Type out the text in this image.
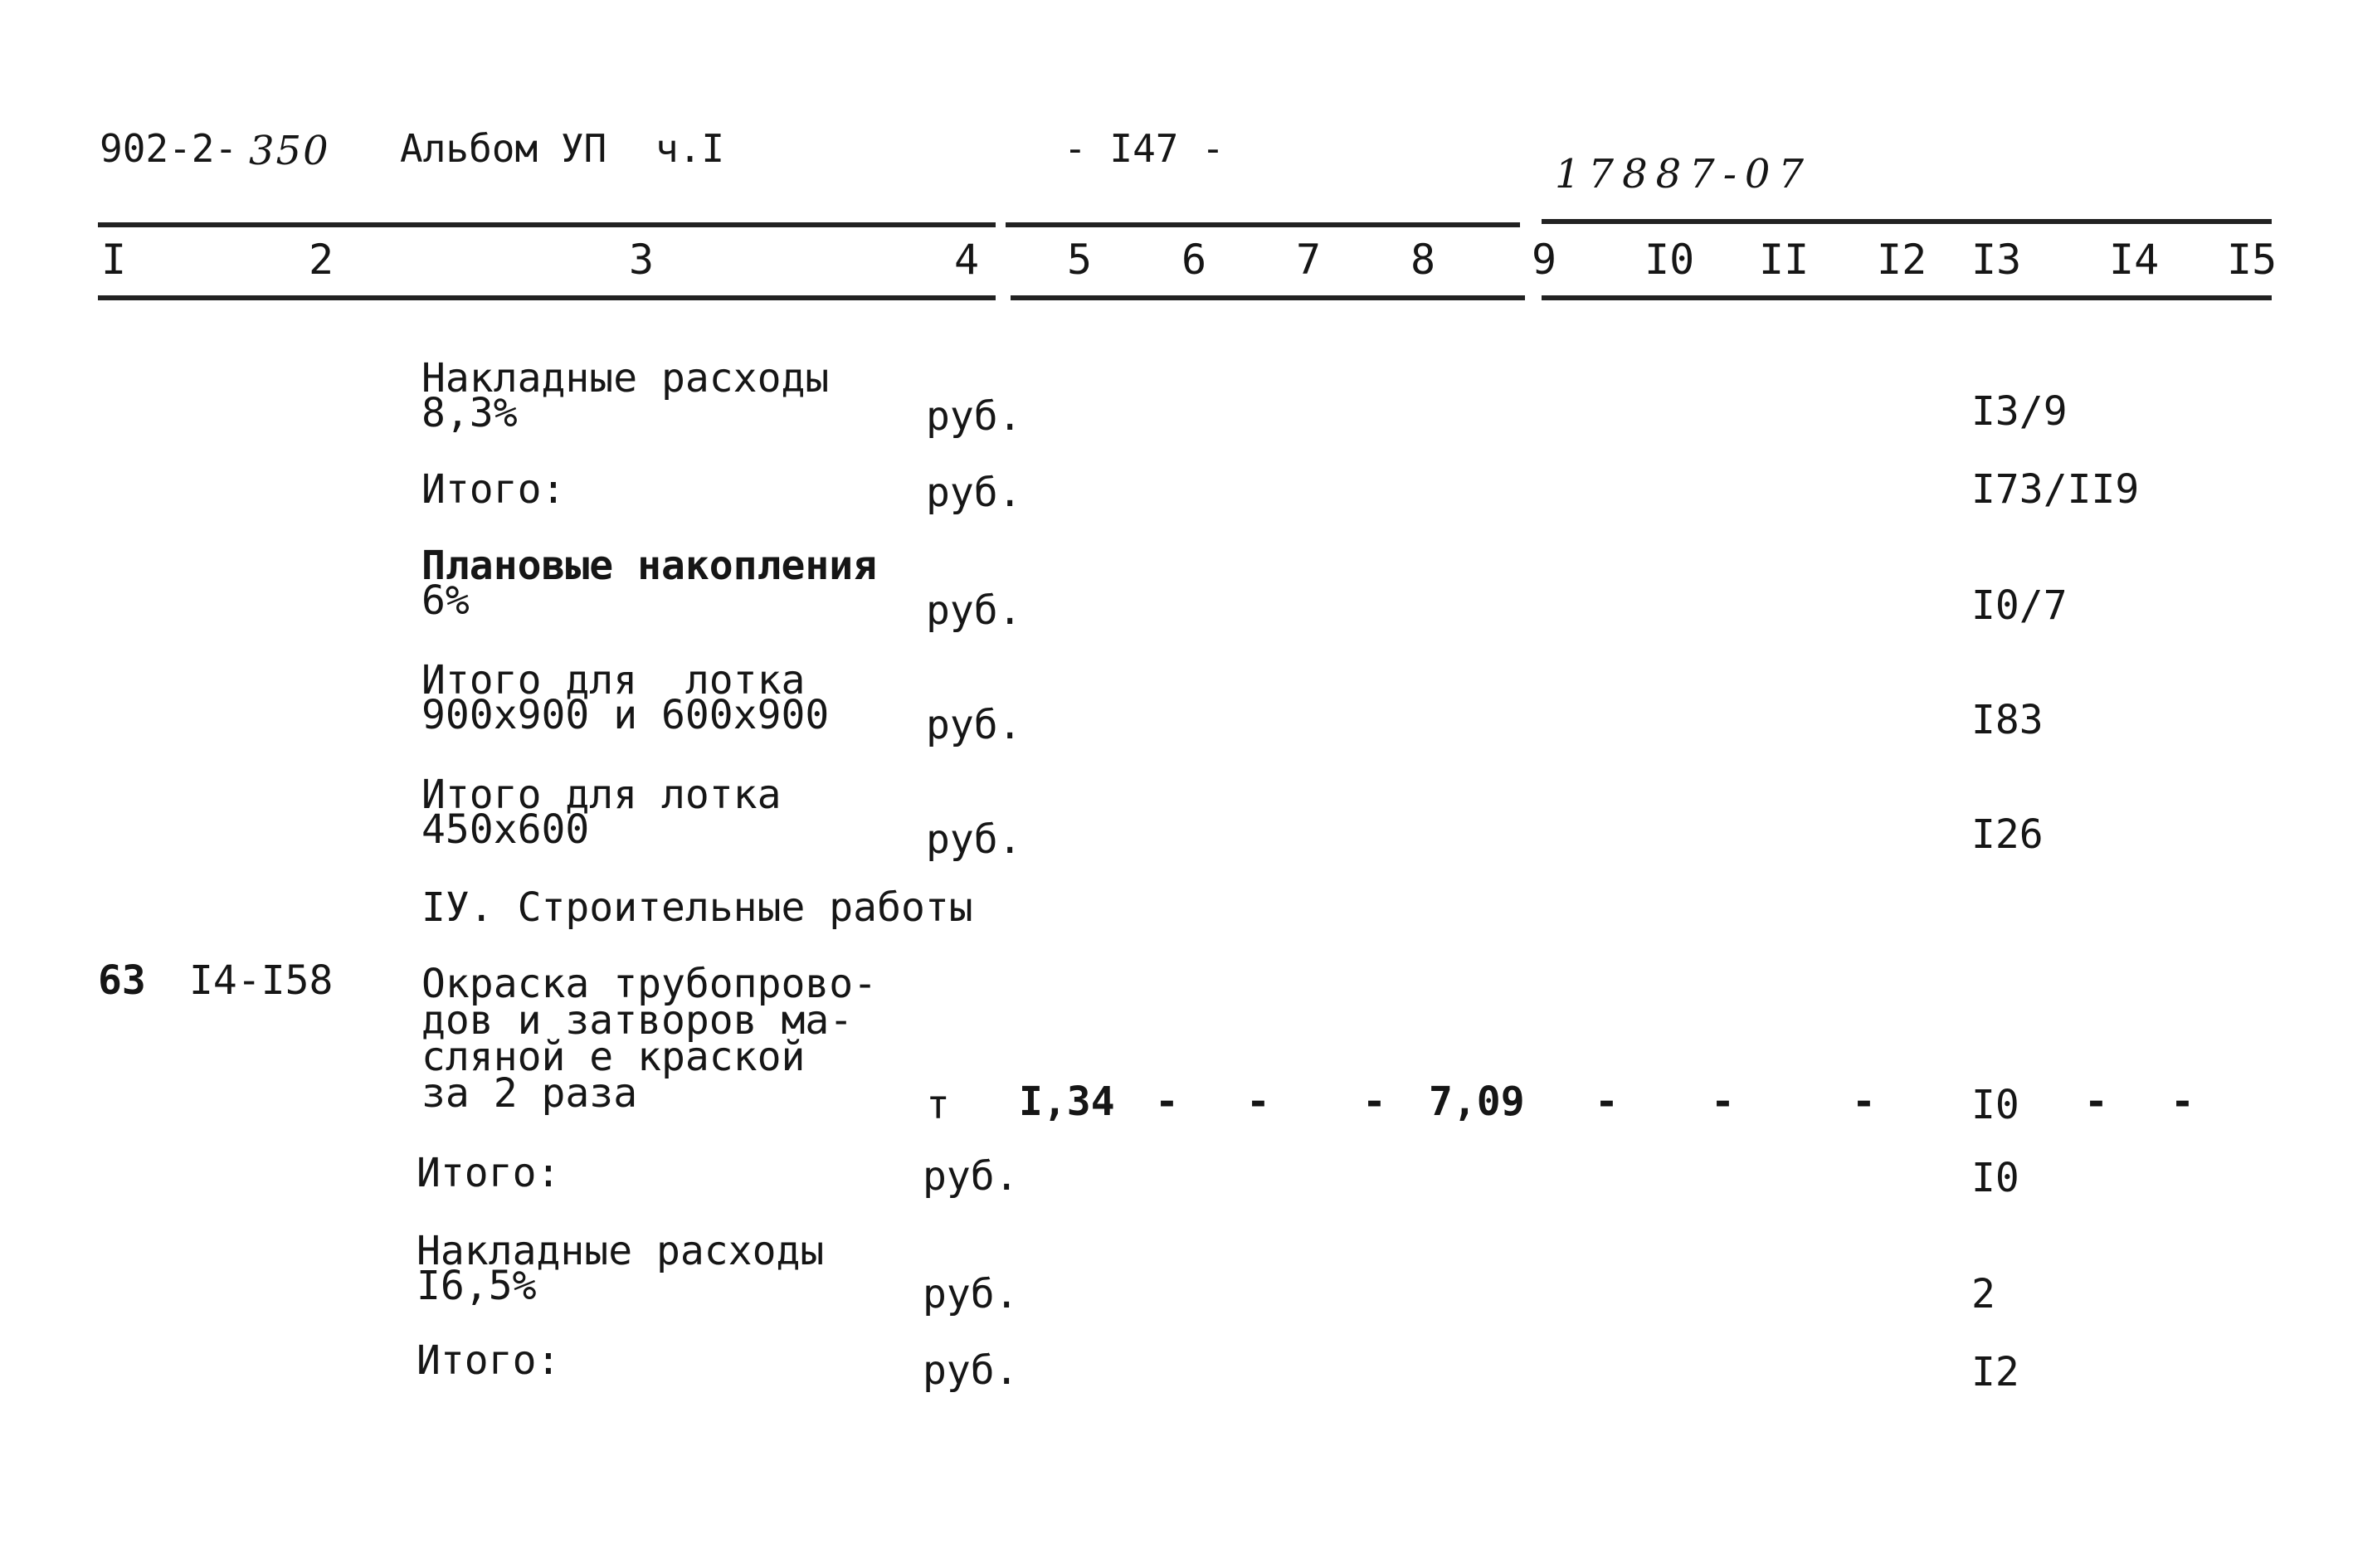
902-2- 350 Альбом УП ч.I	- I47 -
17887-07
I	2	3	4 5 6 7 8 9 I0 II I2 I3 I4 I5
Накладные расходы
8,3%	руб.	I3/9
Итого:	руб.	I73/II9
Плановые накопления
6%	руб.	I0/7
Итого для  лотка
900x900 и 600x900 руб.	I83
Итого для лотка
450x600	руб.	I26
IУ. Строительные работы
63 I4-I58 Окраска трубопрово-
дов и затворов ма-
сляной е краской
за 2 раза	т I,34 - - - 7,09 - -	- I0 - -
Итого:	руб.	I0
Накладные расходы
I6,5%	руб.	2
Итого:	руб.	I2
